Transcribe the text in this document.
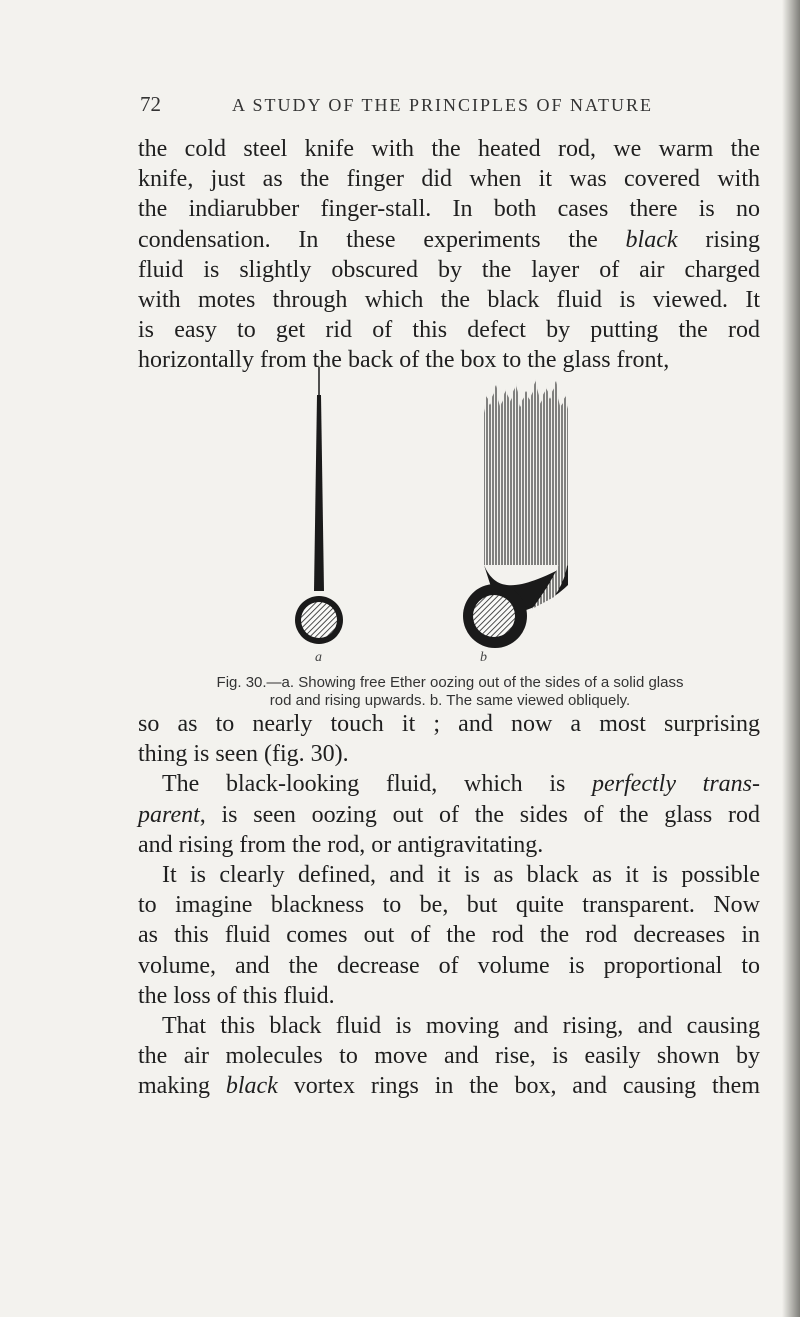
72	A STUDY OF THE PRINCIPLES OF NATURE
the cold steel knife with the heated rod, we warm the
knife, just as the finger did when it was covered with
the indiarubber finger-stall. In both cases there is no
condensation. In these experiments the black rising
fluid is slightly obscured by the layer of air charged
with motes through which the black fluid is viewed. It
is easy to get rid of this defect by putting the rod
horizontally from the back of the box to the glass front,
a	b
Fig. 30.—a. Showing free Ether oozing out of the sides of a solid glass
rod and rising upwards. b. The same viewed obliquely.
so as to nearly touch it ; and now a most surprising
thing is seen (fig. 30).
The black-looking fluid, which is perfectly trans-
parent, is seen oozing out of the sides of the glass rod
and rising from the rod, or antigravitating.
It is clearly defined, and it is as black as it is possible
to imagine blackness to be, but quite transparent. Now
as this fluid comes out of the rod the rod decreases in
volume, and the decrease of volume is proportional to
the loss of this fluid.
That this black fluid is moving and rising, and causing
the air molecules to move and rise, is easily shown by
making black vortex rings in the box, and causing them
